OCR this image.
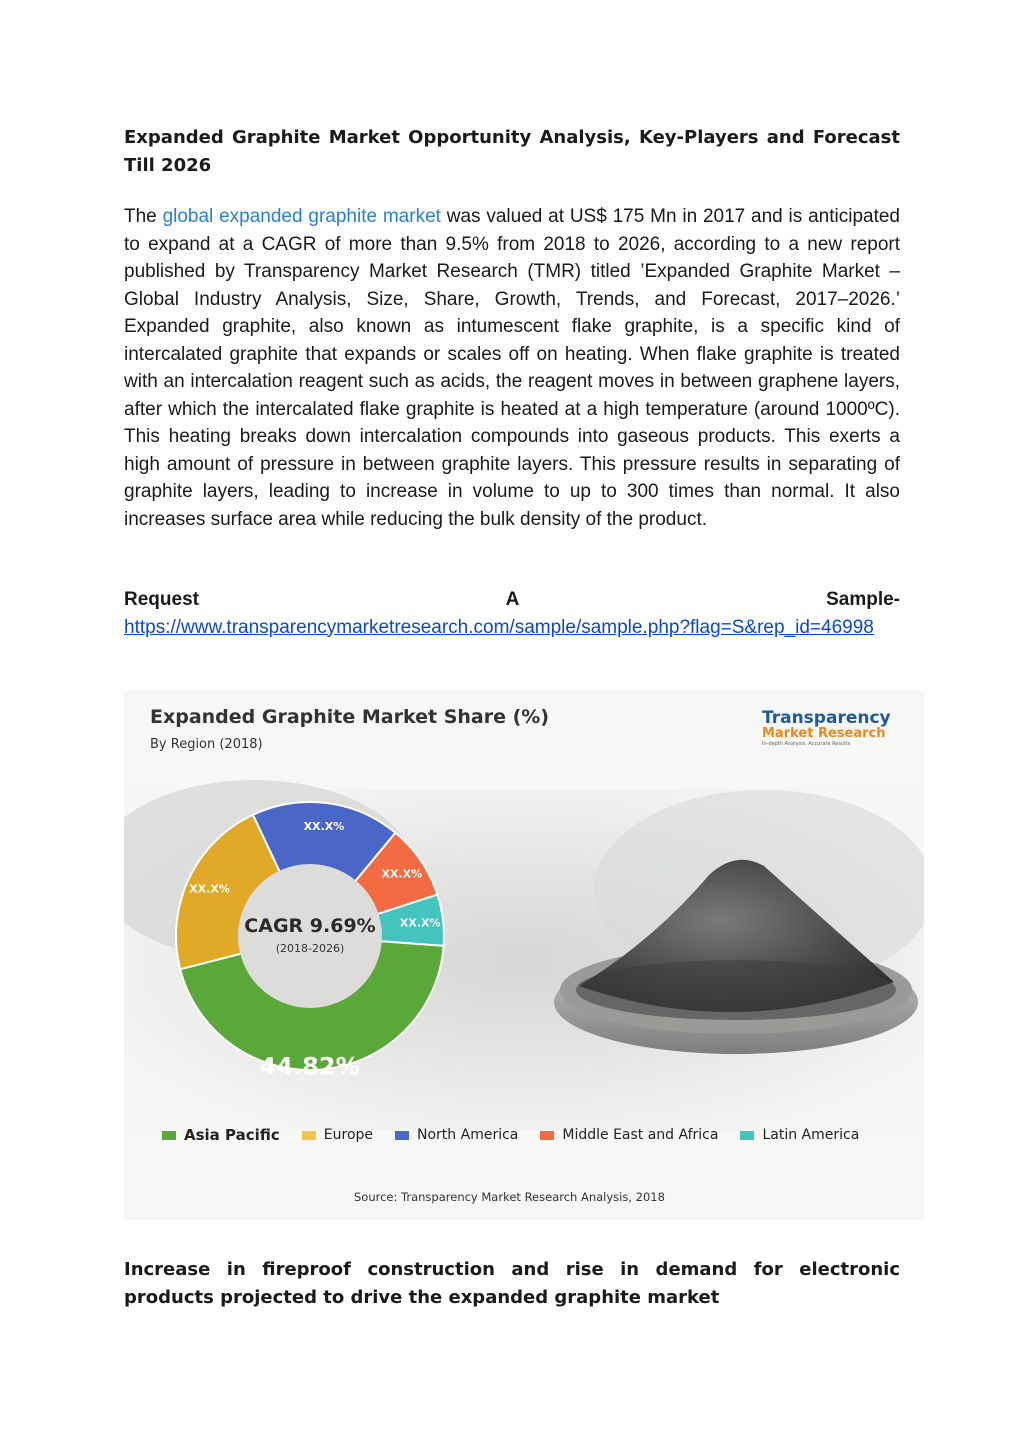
Expanded Graphite Market Opportunity Analysis, Key-Players and Forecast Till 2026

The global expanded graphite market was valued at US$ 175 Mn in 2017 and is anticipated to expand at a CAGR of more than 9.5% from 2018 to 2026, according to a new report published by Transparency Market Research (TMR) titled ’Expanded Graphite Market – Global Industry Analysis, Size, Share, Growth, Trends, and Forecast, 2017–2026.’ Expanded graphite, also known as intumescent flake graphite, is a specific kind of intercalated graphite that expands or scales off on heating. When flake graphite is treated with an intercalation reagent such as acids, the reagent moves in between graphene layers, after which the intercalated flake graphite is heated at a high temperature (around 1000ºC). This heating breaks down intercalation compounds into gaseous products. This exerts a high amount of pressure in between graphite layers. This pressure results in separating of graphite layers, leading to increase in volume to up to 300 times than normal. It also increases surface area while reducing the bulk density of the product.

Request	A	Sample-
https://www.transparencymarketresearch.com/sample/sample.php?flag=S&rep_id=46998
XX.X%
XX.X%
XX.X%
XX.X%
44.82%
CAGR 9.69%
(2018-2026)

Expanded Graphite Market Share (%)

By Region (2018)

Transparency
Market Research
In-depth Analysis. Accurate Results
Asia Pacific	Europe	North America	Middle East and Africa	Latin America

Source: Transparency Market Research Analysis, 2018

Increase in fireproof construction and rise in demand for electronic products projected to drive the expanded graphite market
